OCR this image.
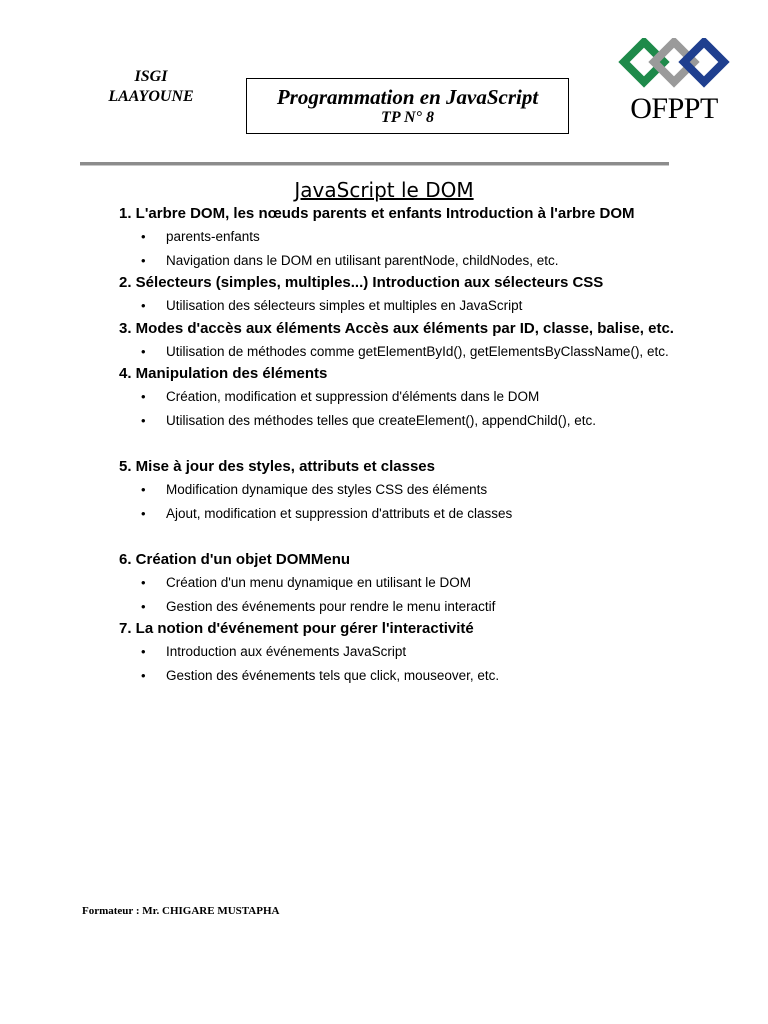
ISGI
LAAYOUNE	Programmation en JavaScript
TP N° 8	OFPPT
JavaScript le DOM
1. L'arbre DOM, les nœuds parents et enfants Introduction à l'arbre DOM
• parents-enfants
• Navigation dans le DOM en utilisant parentNode, childNodes, etc.
2. Sélecteurs (simples, multiples...) Introduction aux sélecteurs CSS
• Utilisation des sélecteurs simples et multiples en JavaScript
3. Modes d'accès aux éléments Accès aux éléments par ID, classe, balise, etc.
• Utilisation de méthodes comme getElementById(), getElementsByClassName(), etc.
4. Manipulation des éléments
• Création, modification et suppression d'éléments dans le DOM
• Utilisation des méthodes telles que createElement(), appendChild(), etc.
5. Mise à jour des styles, attributs et classes
• Modification dynamique des styles CSS des éléments
• Ajout, modification et suppression d'attributs et de classes
6. Création d'un objet DOMMenu
• Création d'un menu dynamique en utilisant le DOM
• Gestion des événements pour rendre le menu interactif
7. La notion d'événement pour gérer l'interactivité
• Introduction aux événements JavaScript
• Gestion des événements tels que click, mouseover, etc.
Formateur : Mr. CHIGARE MUSTAPHA
